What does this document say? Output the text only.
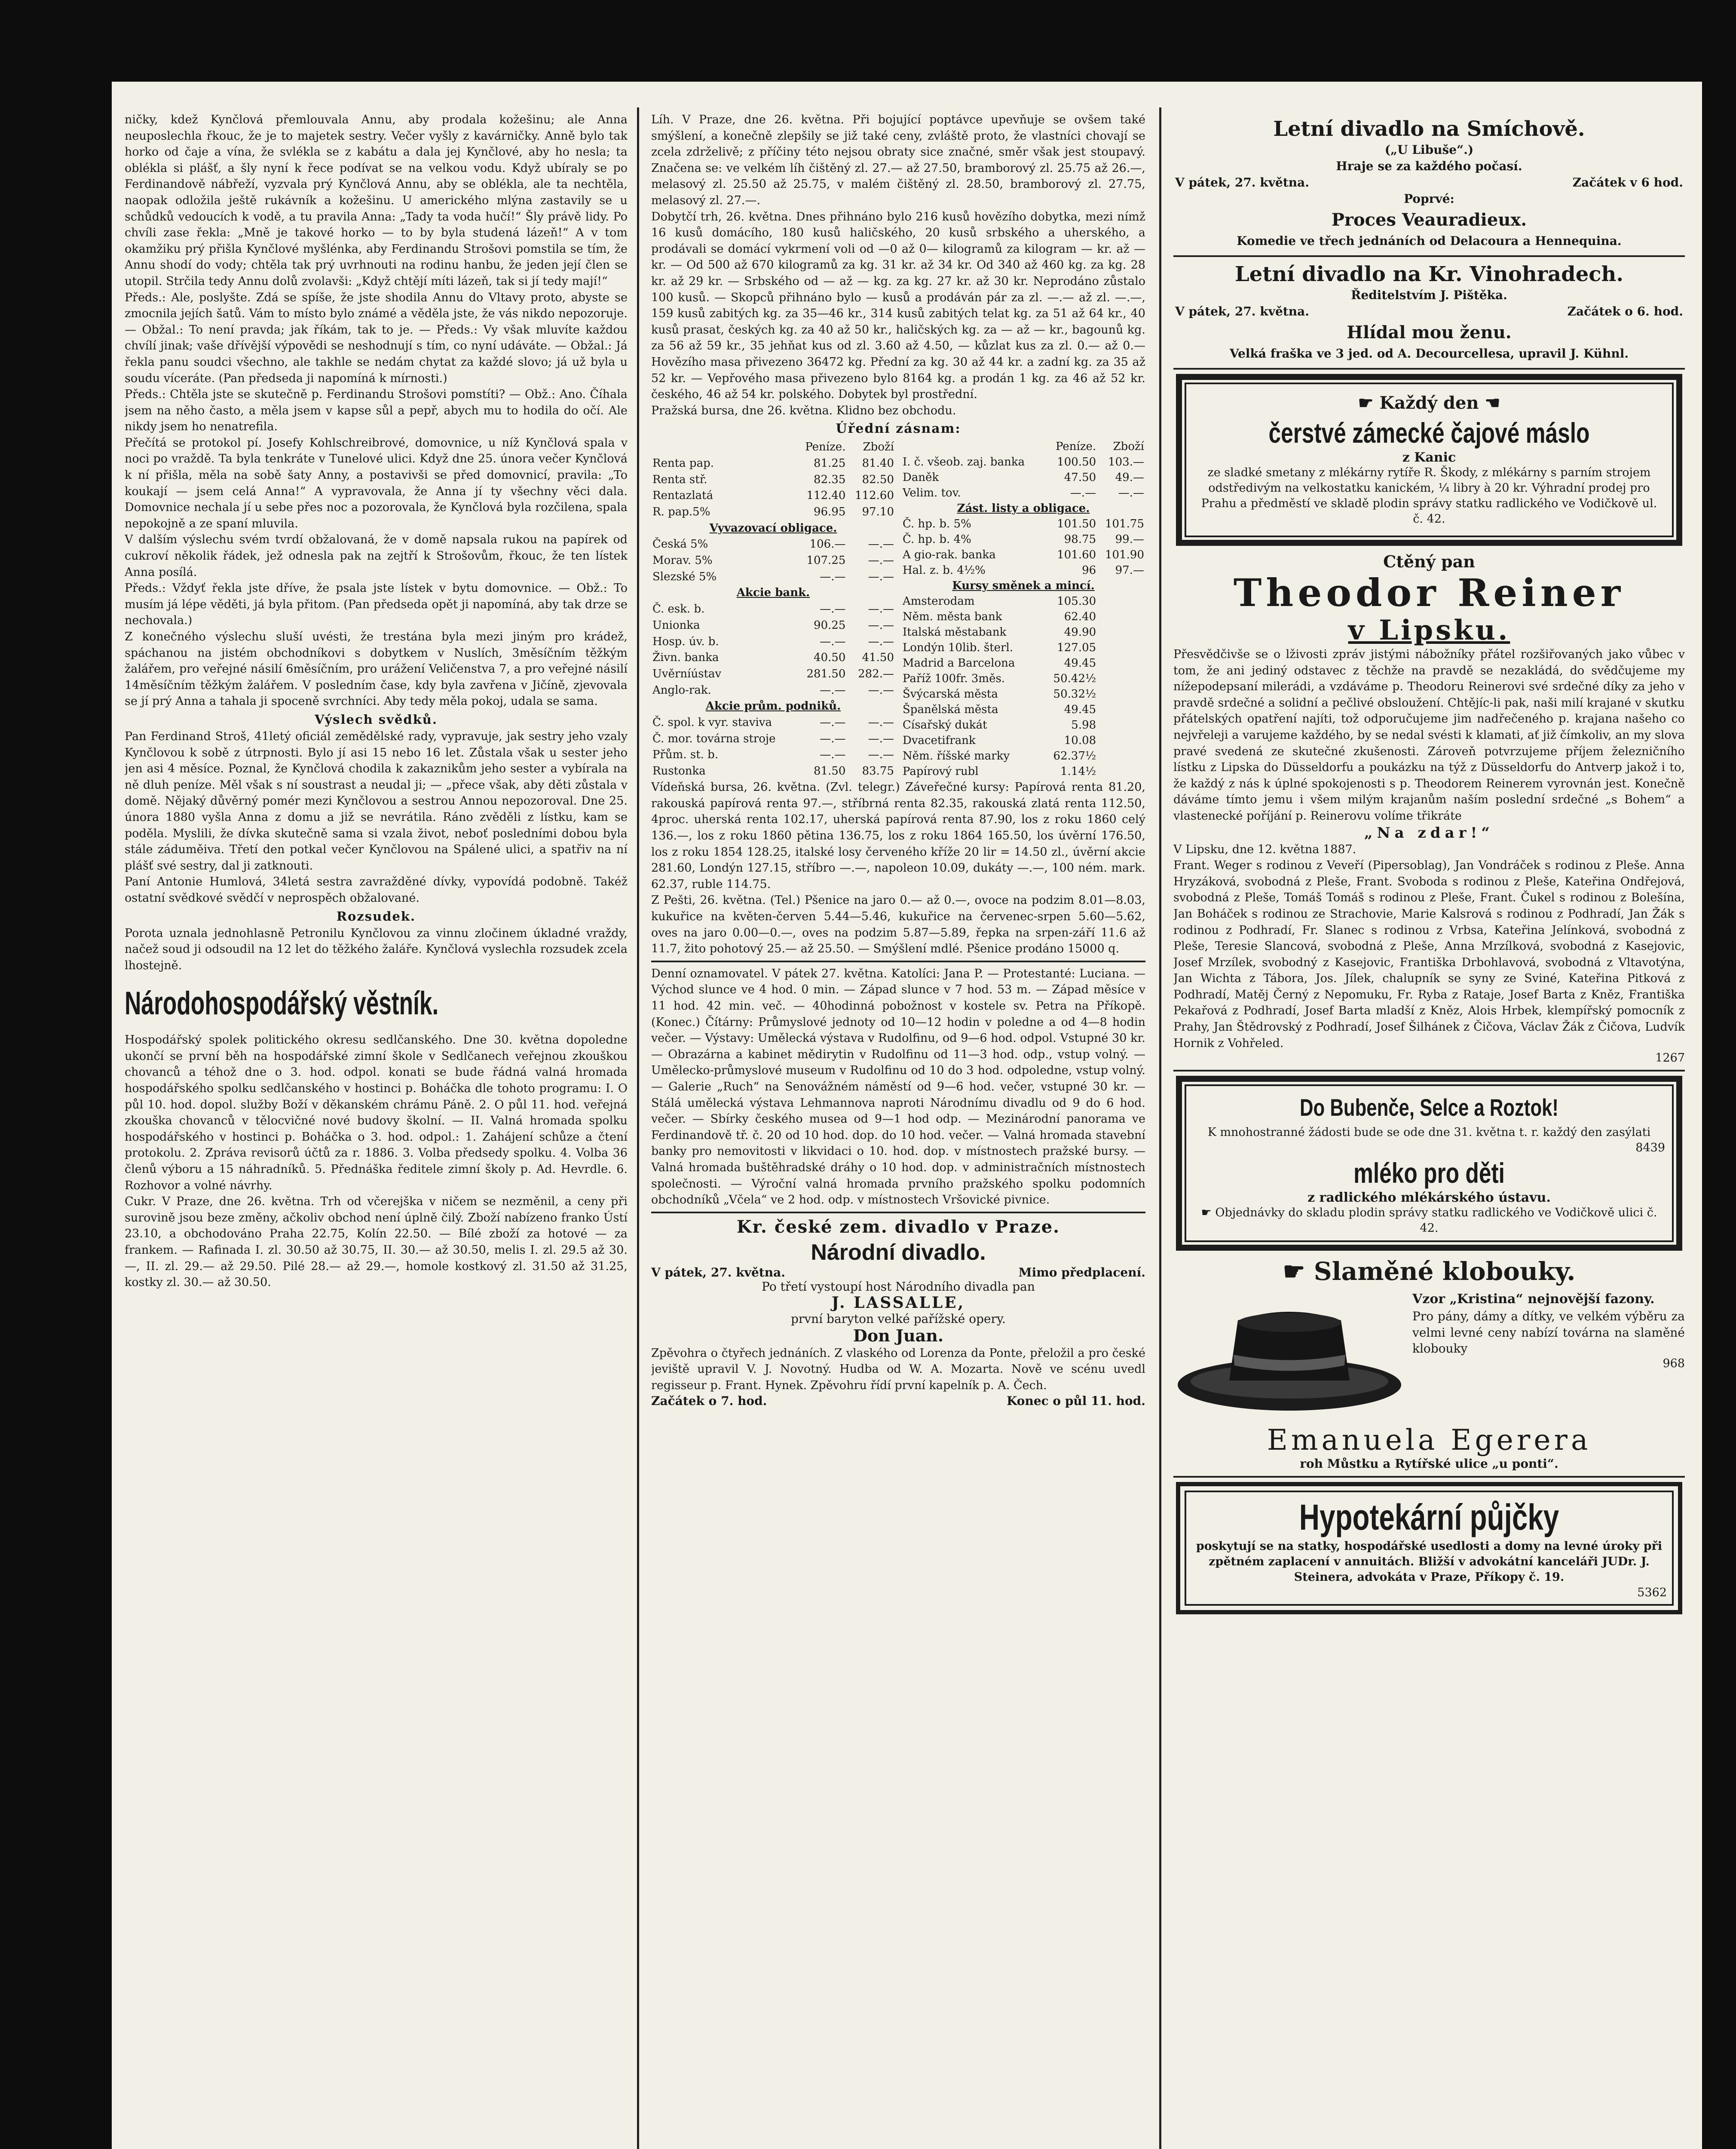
ničky, kdež Kynčlová přemlouvala Annu, aby prodala kožešinu; ale Anna neuposlechla řkouc, že je to majetek sestry. Večer vyšly z kavárničky. Anně bylo tak horko od čaje a vína, že svlékla se z kabátu a dala jej Kynčlové, aby ho nesla; ta oblékla si plášť, a šly nyní k řece podívat se na velkou vodu. Když ubíraly se po Ferdinandově nábřeží, vyzvala prý Kynčlová Annu, aby se oblékla, ale ta nechtěla, naopak odložila ještě rukávník a kožešinu. U amerického mlýna zastavily se u schůdků vedoucích k vodě, a tu pravila Anna: „Tady ta voda hučí!“ Šly právě lidy. Po chvíli zase řekla: „Mně je takové horko — to by byla studená lázeň!“ A v tom okamžiku prý přišla Kynčlové myšlénka, aby Ferdinandu Strošovi pomstila se tím, že Annu shodí do vody; chtěla tak prý uvrhnouti na rodinu hanbu, že jeden její člen se utopil. Strčila tedy Annu dolů zvolavši: „Když chtějí míti lázeň, tak si jí tedy mají!“

Předs.: Ale, poslyšte. Zdá se spíše, že jste shodila Annu do Vltavy proto, abyste se zmocnila jejích šatů. Vám to místo bylo známé a věděla jste, že vás nikdo nepozoruje. — Obžal.: To není pravda; jak říkám, tak to je. — Předs.: Vy však mluvíte každou chvílí jinak; vaše dřívější výpovědi se neshodnují s tím, co nyní udáváte. — Obžal.: Já řekla panu soudci všechno, ale takhle se nedám chytat za každé slovo; já už byla u soudu víceráte. (Pan předseda ji napomíná k mírnosti.)

Předs.: Chtěla jste se skutečně p. Ferdinandu Strošovi pomstíti? — Obž.: Ano. Číhala jsem na něho často, a měla jsem v kapse sůl a pepř, abych mu to hodila do očí. Ale nikdy jsem ho nenatrefila.

Přečítá se protokol pí. Josefy Kohlschreibrové, domovnice, u níž Kynčlová spala v noci po vraždě. Ta byla tenkráte v Tunelové ulici. Když dne 25. února večer Kynčlová k ní přišla, měla na sobě šaty Anny, a postavivši se před domovnicí, pravila: „To koukají — jsem celá Anna!“ A vypravovala, že Anna jí ty všechny věci dala. Domovnice nechala jí u sebe přes noc a pozorovala, že Kynčlová byla rozčilena, spala nepokojně a ze spaní mluvila.

V dalším výslechu svém tvrdí obžalovaná, že v domě napsala rukou na papírek od cukroví několik řádek, jež odnesla pak na zejtří k Strošovům, řkouc, že ten lístek Anna posílá.

Předs.: Vždyť řekla jste dříve, že psala jste lístek v bytu domovnice. — Obž.: To musím já lépe věděti, já byla přitom. (Pan předseda opět ji napomíná, aby tak drze se nechovala.)

Z konečného výslechu sluší uvésti, že trestána byla mezi jiným pro krádež, spáchanou na jistém obchodníkovi s dobytkem v Nuslích, 3měsíčním těžkým žalářem, pro veřejné násilí 6měsíčním, pro urážení Veličenstva 7, a pro veřejné násilí 14měsíčním těžkým žalářem. V posledním čase, kdy byla zavřena v Jičíně, zjevovala se jí prý Anna a tahala ji spoceně svrchníci. Aby tedy měla pokoj, udala se sama.

Výslech svědků.

Pan Ferdinand Stroš, 41letý oficiál zemědělské rady, vypravuje, jak sestry jeho vzaly Kynčlovou k sobě z útrpnosti. Bylo jí asi 15 nebo 16 let. Zůstala však u sester jeho jen asi 4 měsíce. Poznal, že Kynčlová chodila k zakaznikům jeho sester a vybírala na ně dluh peníze. Měl však s ní soustrast a neudal ji; — „přece však, aby děti zůstala v domě. Nějaký důvěrný pomér mezi Kynčlovou a sestrou Annou nepozoroval. Dne 25. února 1880 vyšla Anna z domu a již se nevrátila. Ráno zvěděli z lístku, kam se poděla. Myslili, že dívka skutečně sama si vzala život, neboť posledními dobou byla stále záduměiva. Třetí den potkal večer Kynčlovou na Spálené ulici, a spatřiv na ní plášť své sestry, dal ji zatknouti.

Paní Antonie Humlová, 34letá sestra zavražděné dívky, vypovídá podobně. Takéž ostatní svědkové svědčí v neprospěch obžalované.

Rozsudek.

Porota uznala jednohlasně Petronilu Kynčlovou za vinnu zločinem úkladné vraždy, načež soud ji odsoudil na 12 let do těžkého žaláře. Kynčlová vyslechla rozsudek zcela lhostejně.

Národohospodářský věstník.

Hospodářský spolek politického okresu sedlčanského. Dne 30. května dopoledne ukončí se první běh na hospodářské zimní škole v Sedlčanech veřejnou zkouškou chovanců a téhož dne o 3. hod. odpol. konati se bude řádná valná hromada hospodářského spolku sedlčanského v hostinci p. Boháčka dle tohoto programu: I. O půl 10. hod. dopol. služby Boží v děkanském chrámu Páně. 2. O půl 11. hod. veřejná zkouška chovanců v tělocvičné nové budovy školní. — II. Valná hromada spolku hospodářského v hostinci p. Boháčka o 3. hod. odpol.: 1. Zahájení schůze a čtení protokolu. 2. Zpráva revisorů účtů za r. 1886. 3. Volba předsedy spolku. 4. Volba 36 členů výboru a 15 náhradníků. 5. Přednáška ředitele zimní školy p. Ad. Hevrdle. 6. Rozhovor a volné návrhy.

Cukr. V Praze, dne 26. května. Trh od včerejška v ničem se nezměnil, a ceny při surovině jsou beze změny, ačkoliv obchod není úplně čilý. Zboží nabízeno franko Ústí 23.10, a obchodováno Praha 22.75, Kolín 22.50. — Bílé zboží za hotové — za frankem. — Rafinada I. zl. 30.50 až 30.75, II. 30.— až 30.50, melis I. zl. 29.5 až 30.—, II. zl. 29.— až 29.50. Pilé 28.— až 29.—, homole kostkový zl. 31.50 až 31.25, kostky zl. 30.— až 30.50.

Líh. V Praze, dne 26. května. Při bojující poptávce upevňuje se ovšem také smýšlení, a konečně zlepšily se již také ceny, zvláště proto, že vlastníci chovají se zcela zdrželivě; z příčiny této nejsou obraty sice značné, směr však jest stoupavý. Značena se: ve velkém líh čištěný zl. 27.— až 27.50, bramborový zl. 25.75 až 26.—, melasový zl. 25.50 až 25.75, v malém čištěný zl. 28.50, bramborový zl. 27.75, melasový zl. 27.—.

Dobytčí trh, 26. května. Dnes přihnáno bylo 216 kusů hovězího dobytka, mezi nímž 16 kusů domácího, 180 kusů haličského, 20 kusů srbského a uherského, a prodávali se domácí vykrmení voli od —0 až 0— kilogramů za kilogram — kr. až — kr. — Od 500 až 670 kilogramů za kg. 31 kr. až 34 kr. Od 340 až 460 kg. za kg. 28 kr. až 29 kr. — Srbského od — až — kg. za kg. 27 kr. až 30 kr. Neprodáno zůstalo 100 kusů. — Skopců přihnáno bylo — kusů a prodáván pár za zl. —.— až zl. —.—, 159 kusů zabitých kg. za 35—46 kr., 314 kusů zabitých telat kg. za 51 až 64 kr., 40 kusů prasat, českých kg. za 40 až 50 kr., haličských kg. za — až — kr., bagounů kg. za 56 až 59 kr., 35 jehňat kus od zl. 3.60 až 4.50, — kůzlat kus za zl. 0.— až 0.— Hovězího masa přivezeno 36472 kg. Přední za kg. 30 až 44 kr. a zadní kg. za 35 až 52 kr. — Vepřového masa přivezeno bylo 8164 kg. a prodán 1 kg. za 46 až 52 kr. českého, 46 až 54 kr. polského. Dobytek byl prostřední.

Pražská bursa, dne 26. května. Klidno bez obchodu.

Úřední zásnam:
	Peníze.	Zboží
Renta pap.	81.25	81.40
Renta stř.	82.35	82.50
Rentazlatá	112.40	112.60
R. pap.5%	96.95	97.10
Vyvazovací obligace.		
Česká 5%	106.—	—.—
Morav. 5%	107.25	—.—
Slezské 5%	—.—	—.—
Akcie bank.		
Č. esk. b.	—.—	—.—
Unionka	90.25	—.—
Hosp. úv. b.	—.—	—.—
Živn. banka	40.50	41.50
Uvěrníústav	281.50	282.—
Anglo-rak.	—.—	—.—
Akcie prům. podniků.		
Č. spol. k vyr. staviva	—.—	—.—
Č. mor. továrna stroje	—.—	—.—
Přům. st. b.	—.—	—.—
Rustonka	81.50	83.75
	Peníze.	Zboží
I. č. všeob. zaj. banka	100.50	103.—
Daněk	47.50	49.—
Velim. tov.	—.—	—.—
Zást. listy a obligace.		
Č. hp. b. 5%	101.50	101.75
Č. hp. b. 4%	98.75	99.—
A gio-rak. banka	101.60	101.90
Hal. z. b. 4½%	96	97.—
Kursy směnek a mincí.		
Amsterodam	105.30	
Něm. města bank	62.40	
Italská městabank	49.90	
Londýn 10lib. šterl.	127.05	
Madrid a Barcelona	49.45	
Paříž 100fr. 3měs.	50.42½	
Švýcarská města	50.32½	
Španělská města	49.45	
Císařský dukát	5.98	
Dvacetifrank	10.08	
Něm. říšské marky	62.37½	
Papírový rubl	1.14½	

Vídeňská bursa, 26. května. (Zvl. telegr.) Záveřečné kursy: Papírová renta 81.20, rakouská papírová renta 97.—, stříbrná renta 82.35, rakouská zlatá renta 112.50, 4proc. uherská renta 102.17, uherská papírová renta 87.90, los z roku 1860 celý 136.—, los z roku 1860 pětina 136.75, los z roku 1864 165.50, los úvěrní 176.50, los z roku 1854 128.25, italské losy červeného kříže 20 lir = 14.50 zl., úvěrní akcie 281.60, Londýn 127.15, stříbro —.—, napoleon 10.09, dukáty —.—, 100 ném. mark. 62.37, ruble 114.75.

Z Pešti, 26. května. (Tel.) Pšenice na jaro 0.— až 0.—, ovoce na podzim 8.01—8.03, kukuřice na květen-červen 5.44—5.46, kukuřice na červenec-srpen 5.60—5.62, oves na jaro 0.00—0.—, oves na podzim 5.87—5.89, řepka na srpen-září 11.6 až 11.7, žito pohotový 25.— až 25.50. — Smýšlení mdlé. Pšenice prodáno 15000 q.

Denní oznamovatel. V pátek 27. května. Katolíci: Jana P. — Protestanté: Luciana. — Východ slunce ve 4 hod. 0 min. — Západ slunce v 7 hod. 53 m. — Západ měsíce v 11 hod. 42 min. več. — 40hodinná pobožnost v kostele sv. Petra na Příkopě. (Konec.) Čítárny: Průmyslové jednoty od 10—12 hodin v poledne a od 4—8 hodin večer. — Výstavy: Umělecká výstava v Rudolfinu, od 9—6 hod. odpol. Vstupné 30 kr. — Obrazárna a kabinet mědirytin v Rudolfinu od 11—3 hod. odp., vstup volný. — Uměleckо-průmyslové museum v Rudolfinu od 10 do 3 hod. odpoledne, vstup volný. — Galerie „Ruch“ na Senovážném náměstí od 9—6 hod. večer, vstupné 30 kr. — Stálá umělecká výstava Lehmannova naproti Národnímu divadlu od 9 do 6 hod. večer. — Sbírky českého musea od 9—1 hod odp. — Mezinárodní panorama ve Ferdinandově tř. č. 20 od 10 hod. dop. do 10 hod. večer. — Valná hromada stavební banky pro nemovitosti v likvidaci o 10. hod. dop. v místnostech pražské bursy. — Valná hromada buštěhradské dráhy o 10 hod. dop. v administračních místnostech společnosti. — Výroční valná hromada prvního pražského spolku podomních obchodníků „Včela“ ve 2 hod. odp. v místnostech Vršovické pivnice.

Kr. české zem. divadlo v Praze.
Národní divadlo.
V pátek, 27. května.	Mimo předplacení.
Po třetí vystoupí host Národního divadla pan
J. LASSALLE,
první baryton velké pařížské opery.
Don Juan.

Zpěvohra o čtyřech jednáních. Z vlaského od Lorenza da Ponte, přeložil a pro české jeviště upravil V. J. Novotný. Hudba od W. A. Mozarta. Nově ve scénu uvedl regisseur p. Frant. Hynek. Zpěvohru řídí první kapelník p. A. Čech.

Začátek o 7. hod.	Konec o půl 11. hod.
Letní divadlo na Smíchově.
(„U Libuše“.)
Hraje se za každého počasí.
V pátek, 27. května.	Začátek v 6 hod.
Poprvé:
Proces Veauradieux.
Komedie ve třech jednáních od Delacoura a Hennequina.
Letní divadlo na Kr. Vinohradech.
Ředitelstvím J. Pištěka.
V pátek, 27. května.	Začátek o 6. hod.
Hlídal mou ženu.
Velká fraška ve 3 jed. od A. Decourcellesa, upravil J. Kühnl.
☛ Každý den ☚
čerstvé zámecké čajové máslo
z Kanic
ze sladké smetany z mlékárny rytíře R. Škody, z mlékárny s parním strojem odstředivým na velkostatku kanickém, ¼ libry à 20 kr. Výhradní prodej pro Prahu a předměstí ve skladě plodin správy statku radlického ve Vodičkově ul. č. 42.
Ctěný pan
Theodor Reiner
v Lipsku.

Přesvědčivše se o lživosti zpráv jistými nábožníky přátel rozšiřovaných jako vůbec v tom, že ani jediný odstavec z těchže na pravdě se nezakládá, do svědčujeme my nížepodepsaní milerádi, a vzdáváme p. Theodoru Reinerovi své srdečné díky za jeho v pravdě srdečné a solidní a pečlivé obsloužení. Chtějíc-li pak, naši milí krajané v skutku přátelských opatření najíti, tož odporučujeme jim nadřečeného p. krajana našeho co nejvřeleji a varujeme každého, by se nedal svésti k klamati, ať již čímkoliv, an my slova pravé svedená ze skutečné zkušenosti. Zároveň potvrzujeme příjem železničního lístku z Lipska do Düsseldorfu a poukázku na týž z Düsseldorfu do Antverp jakož i to, že každý z nás k úplné spokojenosti s p. Theodorem Reinerem vyrovnán jest. Konečně dáváme tímto jemu i všem milým krajanům naším poslední srdečné „s Bohem“ a vlastenecké poříjání p. Reinerovu volíme třikráte

„Na zdar!“

V Lipsku, dne 12. května 1887.

Frant. Weger s rodinou z Veveří (Pipersoblag), Jan Vondráček s rodinou z Pleše. Anna Hryzáková, svobodná z Pleše, Frant. Svoboda s rodinou z Pleše, Kateřina Ondřejová, svobodná z Pleše, Tomáš Tomáš s rodinou z Pleše, Frant. Čukel s rodinou z Bolešína, Jan Boháček s rodinou ze Strachovie, Marie Kalsrová s rodinou z Podhradí, Jan Žák s rodinou z Podhradí, Fr. Slanec s rodinou z Vrbsa, Kateřina Jelínková, svobodná z Pleše, Teresie Slancová, svobodná z Pleše, Anna Mrzílková, svobodná z Kasejovic, Josef Mrzílek, svobodný z Kasejovic, Františka Drbohlavová, svobodná z Vltavotýna, Jan Wichta z Tábora, Jos. Jílek, chalupník se syny ze Sviné, Kateřina Pitková z Podhradí, Matěj Černý z Nepomuku, Fr. Ryba z Rataje, Josef Barta z Kněz, Františka Pekařová z Podhradí, Josef Barta mladší z Kněz, Alois Hrbek, klempířský pomocník z Prahy, Jan Štědrovský z Podhradí, Josef Šilhánek z Čičova, Václav Žák z Čičova, Ludvík Hornik z Vohřeled.

1267
Do Bubenče, Selce a Roztok!
K mnohostranné žádosti bude se ode dne 31. května t. r. každý den zasýlati
8439
mléko pro děti
z radlického mlékárského ústavu.
☛ Objednávky do skladu plodin správy statku radlického ve Vodičkově ulici č. 42.
☛ Slaměné klobouky.
Vzor „Kristina“ nejnovější fazony.

Pro pány, dámy a dítky, ve velkém výběru za velmi levné ceny nabízí továrna na slaměné klobouky

968
Emanuela Egerera
roh Můstku a Rytířské ulice „u ponti“.
Hypotekární půjčky
poskytují se na statky, hospodářské usedlosti a domy na levné úroky při zpětném zaplacení v annuitách. Bližší v advokátní kanceláři JUDr. J. Steinera, advokáta v Praze, Příkopy č. 19.
5362
